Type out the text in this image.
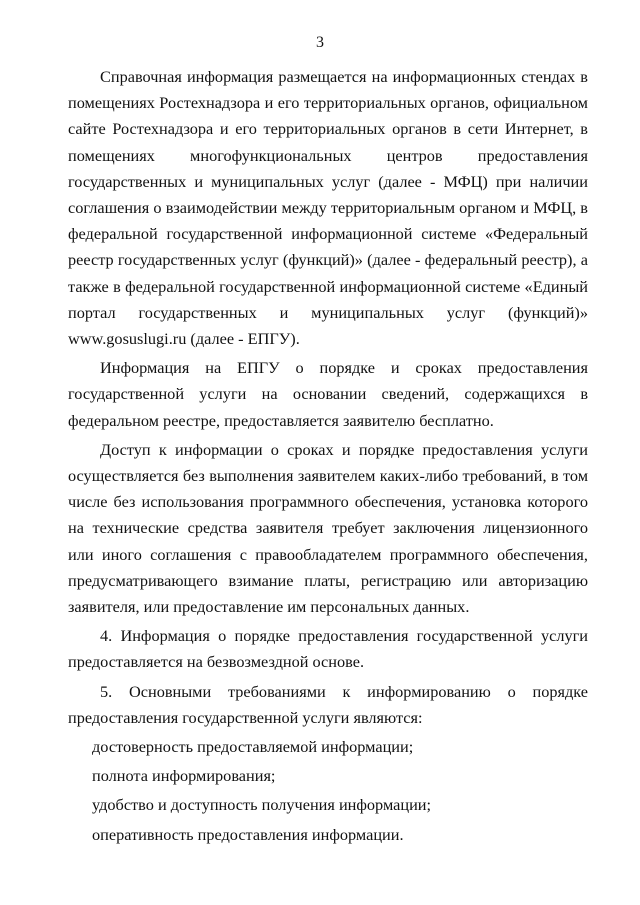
3

Справочная информация размещается на информационных стендах в помещениях Ростехнадзора и его территориальных органов, официальном сайте Ростехнадзора и его территориальных органов в сети Интернет, в помещениях многофункциональных центров предоставления государственных и муниципальных услуг (далее - МФЦ) при наличии соглашения о взаимодействии между территориальным органом и МФЦ, в федеральной государственной информационной системе «Федеральный реестр государственных услуг (функций)» (далее - федеральный реестр), а также в федеральной государственной информационной системе «Единый портал государственных и муниципальных услуг (функций)» www.gosuslugi.ru (далее - ЕПГУ).

Информация на ЕПГУ о порядке и сроках предоставления государственной услуги на основании сведений, содержащихся в федеральном реестре, предоставляется заявителю бесплатно.

Доступ к информации о сроках и порядке предоставления услуги осуществляется без выполнения заявителем каких-либо требований, в том числе без использования программного обеспечения, установка которого на технические средства заявителя требует заключения лицензионного или иного соглашения с правообладателем программного обеспечения, предусматривающего взимание платы, регистрацию или авторизацию заявителя, или предоставление им персональных данных.

4. Информация о порядке предоставления государственной услуги предоставляется на безвозмездной основе.

5. Основными требованиями к информированию о порядке предоставления государственной услуги являются:

достоверность предоставляемой информации;

полнота информирования;

удобство и доступность получения информации;

оперативность предоставления информации.
